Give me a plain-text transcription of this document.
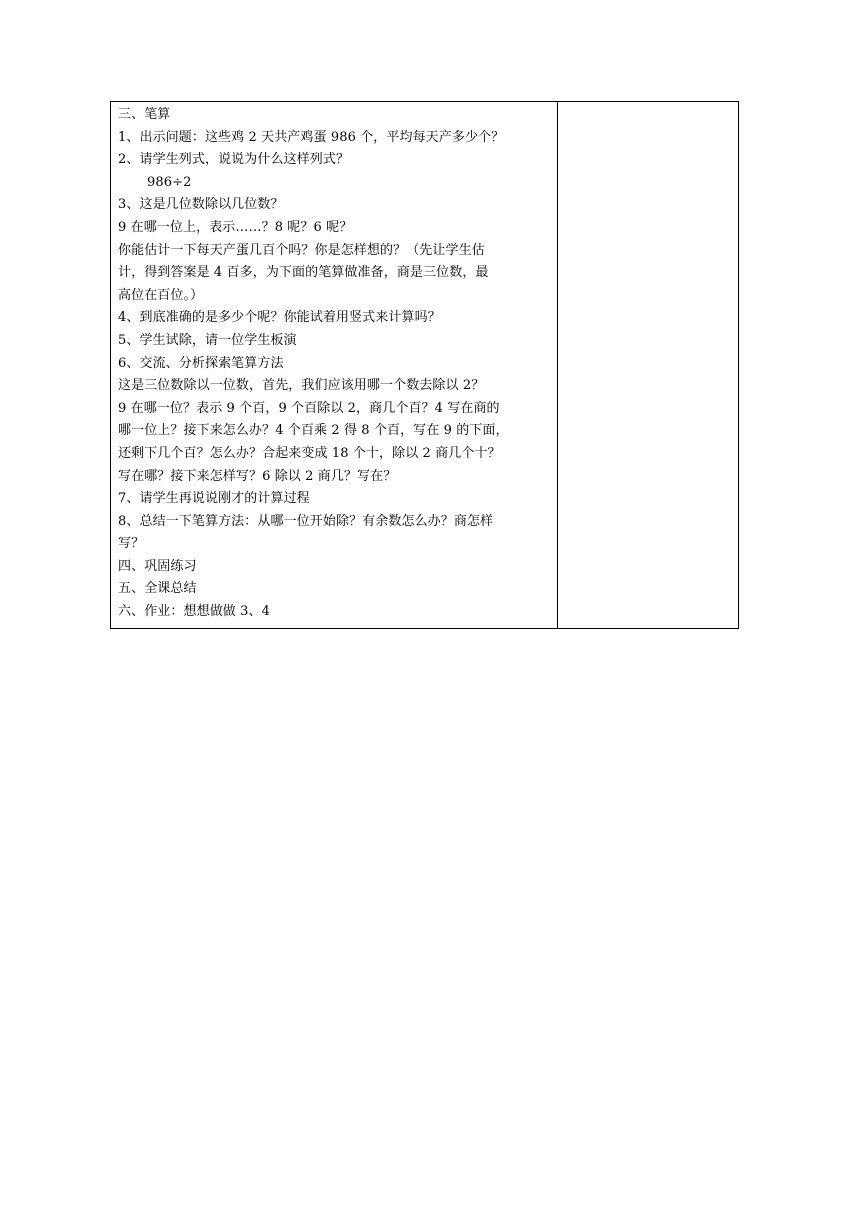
三、笔算
1、出示问题：这些鸡 2 天共产鸡蛋 986 个，平均每天产多少个？
2、请学生列式，说说为什么这样列式？
986÷2
3、这是几位数除以几位数？
9 在哪一位上，表示……？8 呢？6 呢？
你能估计一下每天产蛋几百个吗？你是怎样想的？（先让学生估
计，得到答案是 4 百多，为下面的笔算做准备，商是三位数，最
高位在百位。）
4、到底准确的是多少个呢？你能试着用竖式来计算吗？
5、学生试除，请一位学生板演
6、交流、分析探索笔算方法
这是三位数除以一位数，首先，我们应该用哪一个数去除以 2？
9 在哪一位？表示 9 个百，9 个百除以 2，商几个百？4 写在商的
哪一位上？接下来怎么办？4 个百乘 2 得 8 个百，写在 9 的下面，
还剩下几个百？怎么办？合起来变成 18 个十，除以 2 商几个十？
写在哪？接下来怎样写？6 除以 2 商几？写在？
7、请学生再说说刚才的计算过程
8、总结一下笔算方法：从哪一位开始除？有余数怎么办？商怎样
写？
四、巩固练习
五、全课总结
六、作业：想想做做 3、4
